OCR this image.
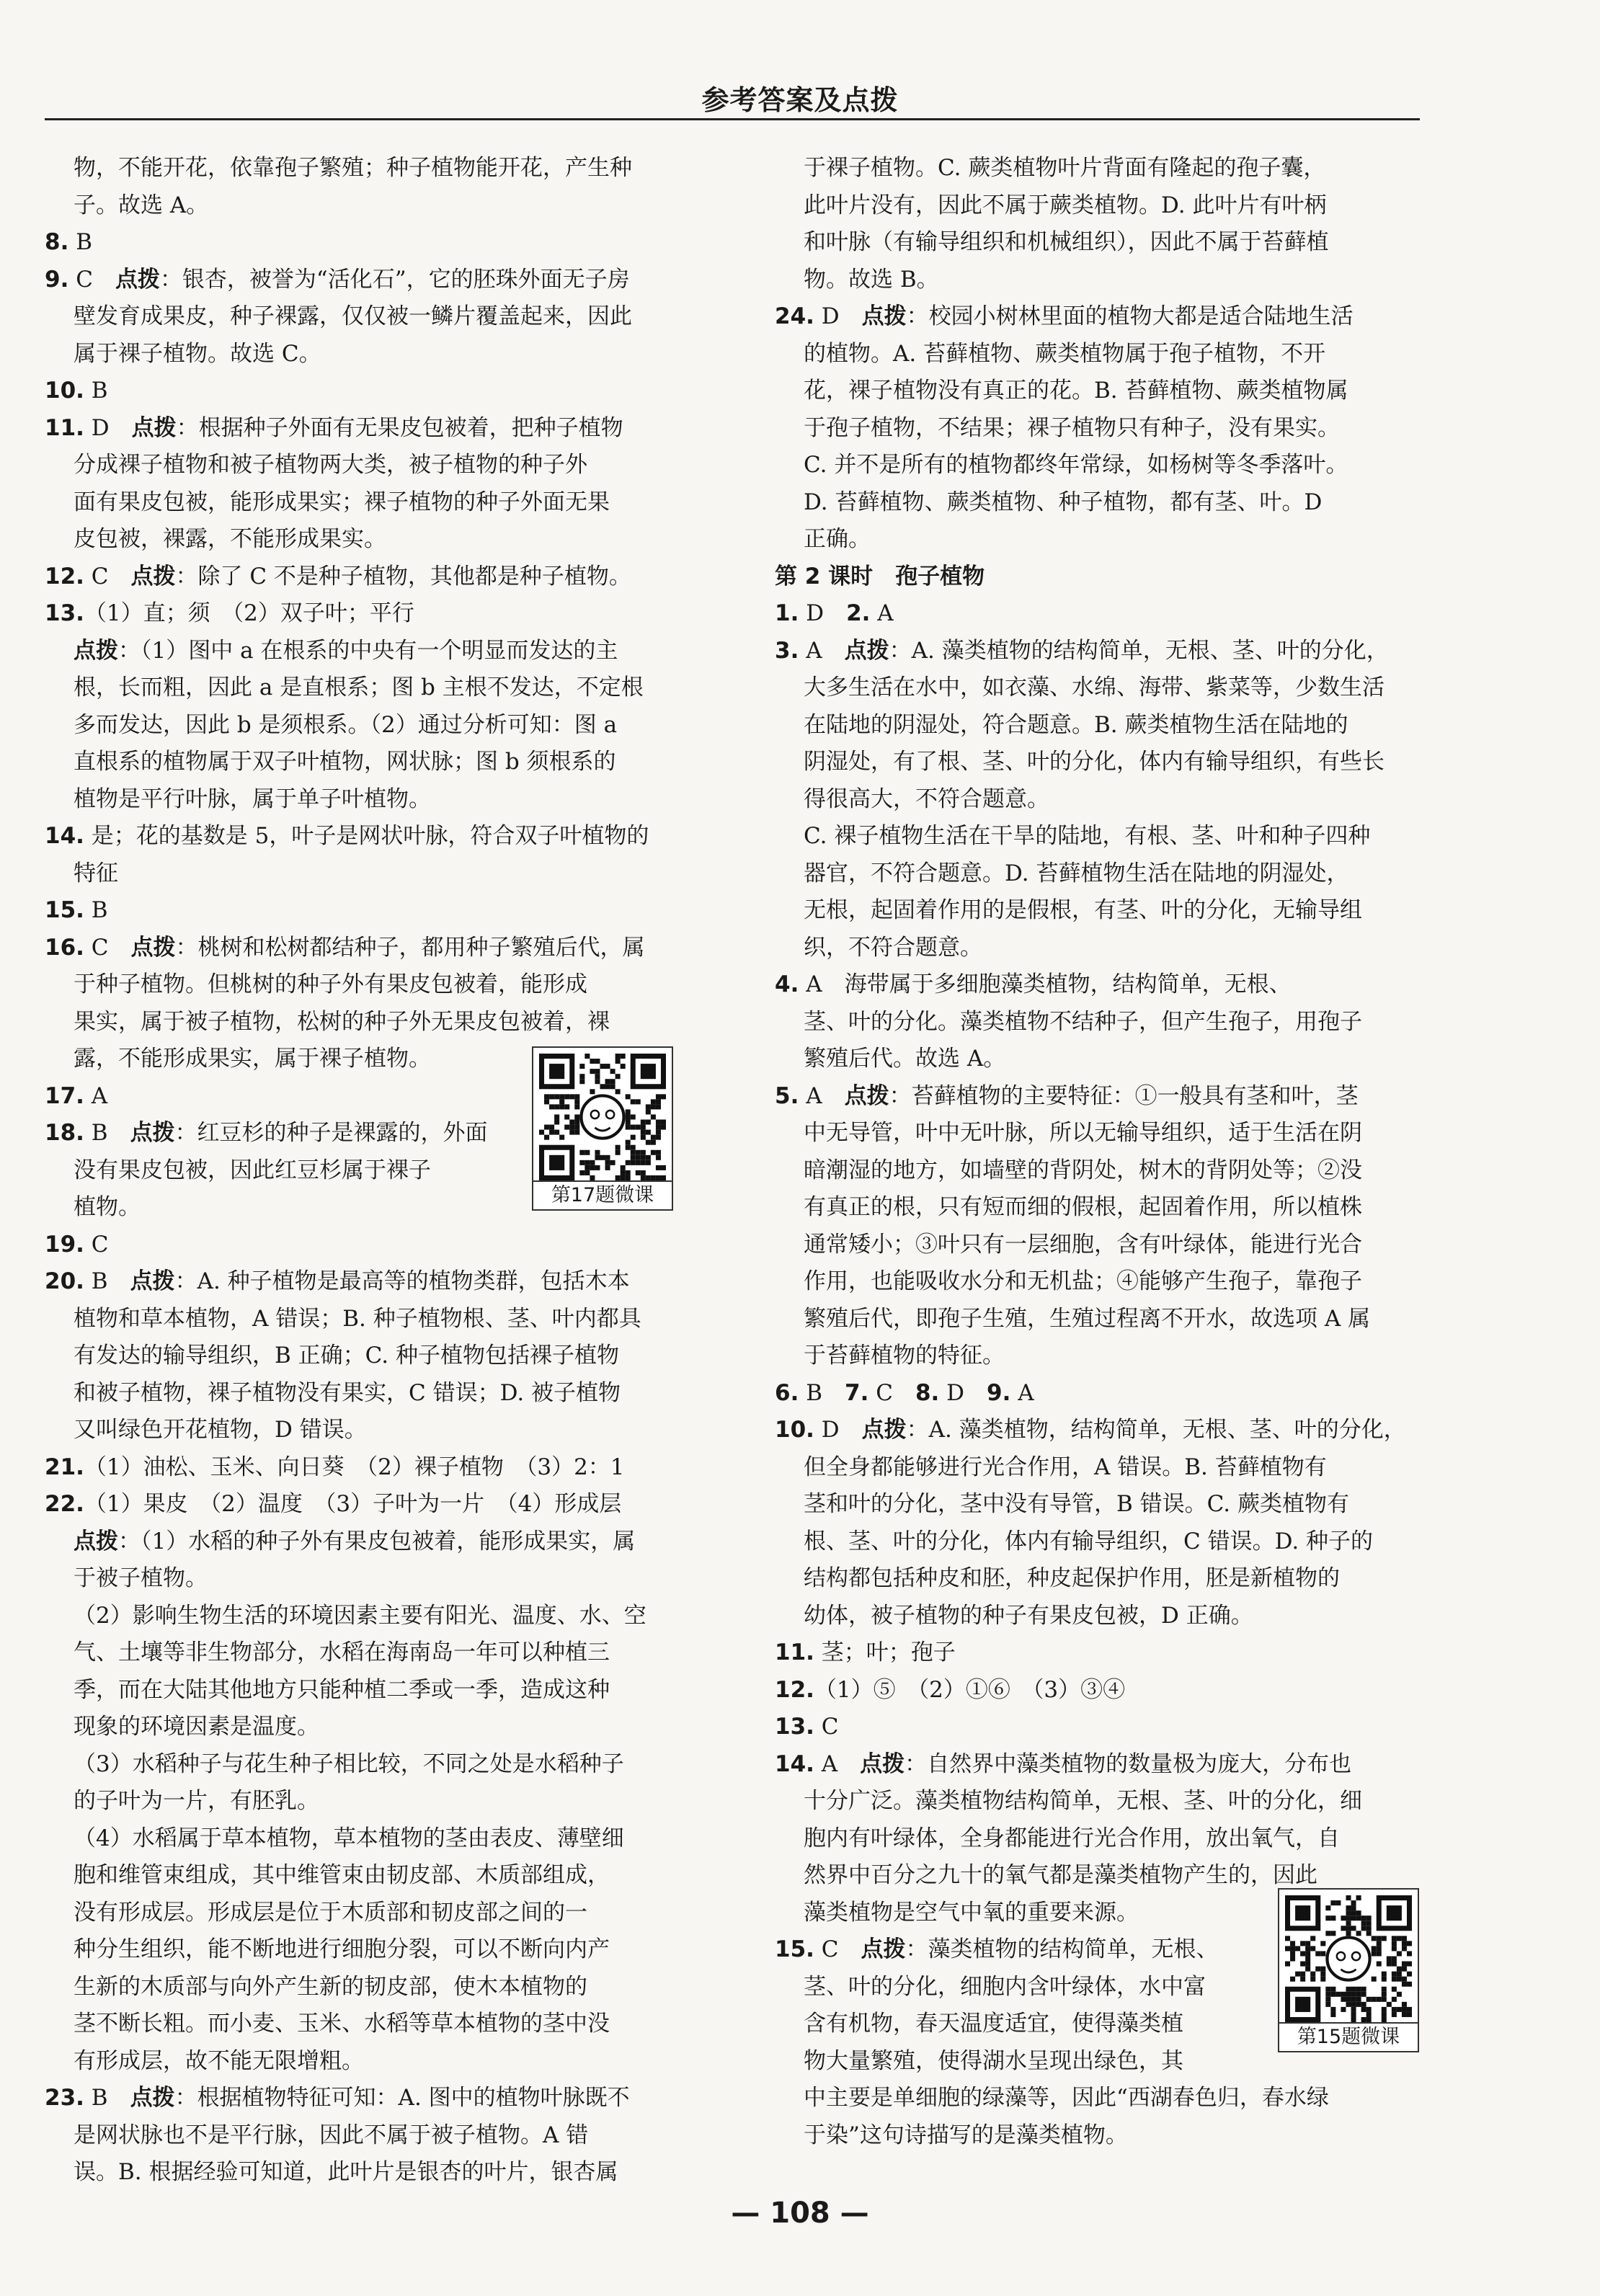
参考答案及点拨
物，不能开花，依靠孢子繁殖；种子植物能开花，产生种
子。故选 A。
8. B
9. C　点拨：银杏，被誉为“活化石”，它的胚珠外面无子房
壁发育成果皮，种子裸露，仅仅被一鳞片覆盖起来，因此
属于裸子植物。故选 C。
10. B
11. D　点拨：根据种子外面有无果皮包被着，把种子植物
分成裸子植物和被子植物两大类，被子植物的种子外
面有果皮包被，能形成果实；裸子植物的种子外面无果
皮包被，裸露，不能形成果实。
12. C　点拨：除了 C 不是种子植物，其他都是种子植物。
13.（1）直；须　（2）双子叶；平行
点拨：（1）图中 a 在根系的中央有一个明显而发达的主
根，长而粗，因此 a 是直根系；图 b 主根不发达，不定根
多而发达，因此 b 是须根系。（2）通过分析可知：图 a
直根系的植物属于双子叶植物，网状脉；图 b 须根系的
植物是平行叶脉，属于单子叶植物。
14. 是；花的基数是 5，叶子是网状叶脉，符合双子叶植物的
特征
15. B
16. C　点拨：桃树和松树都结种子，都用种子繁殖后代，属
于种子植物。但桃树的种子外有果皮包被着，能形成
果实，属于被子植物，松树的种子外无果皮包被着，裸
露，不能形成果实，属于裸子植物。
17. A
18. B　点拨：红豆杉的种子是裸露的，外面
没有果皮包被，因此红豆杉属于裸子
植物。
19. C
20. B　点拨：A. 种子植物是最高等的植物类群，包括木本
植物和草本植物，A 错误；B. 种子植物根、茎、叶内都具
有发达的输导组织，B 正确；C. 种子植物包括裸子植物
和被子植物，裸子植物没有果实，C 错误；D. 被子植物
又叫绿色开花植物，D 错误。
21.（1）油松、玉米、向日葵　（2）裸子植物　（3）2：1
22.（1）果皮　（2）温度　（3）子叶为一片　（4）形成层
点拨：（1）水稻的种子外有果皮包被着，能形成果实，属
于被子植物。
（2）影响生物生活的环境因素主要有阳光、温度、水、空
气、土壤等非生物部分，水稻在海南岛一年可以种植三
季，而在大陆其他地方只能种植二季或一季，造成这种
现象的环境因素是温度。
（3）水稻种子与花生种子相比较，不同之处是水稻种子
的子叶为一片，有胚乳。
（4）水稻属于草本植物，草本植物的茎由表皮、薄壁细
胞和维管束组成，其中维管束由韧皮部、木质部组成，
没有形成层。形成层是位于木质部和韧皮部之间的一
种分生组织，能不断地进行细胞分裂，可以不断向内产
生新的木质部与向外产生新的韧皮部，使木本植物的
茎不断长粗。而小麦、玉米、水稻等草本植物的茎中没
有形成层，故不能无限增粗。
23. B　点拨：根据植物特征可知：A. 图中的植物叶脉既不
是网状脉也不是平行脉，因此不属于被子植物。A 错
误。B. 根据经验可知道，此叶片是银杏的叶片，银杏属
于裸子植物。C. 蕨类植物叶片背面有隆起的孢子囊，
此叶片没有，因此不属于蕨类植物。D. 此叶片有叶柄
和叶脉（有输导组织和机械组织），因此不属于苔藓植
物。故选 B。
24. D　点拨：校园小树林里面的植物大都是适合陆地生活
的植物。A. 苔藓植物、蕨类植物属于孢子植物，不开
花，裸子植物没有真正的花。B. 苔藓植物、蕨类植物属
于孢子植物，不结果；裸子植物只有种子，没有果实。
C. 并不是所有的植物都终年常绿，如杨树等冬季落叶。
D. 苔藓植物、蕨类植物、种子植物，都有茎、叶。D
正确。
第 2 课时　孢子植物
1. D　2. A
3. A　点拨：A. 藻类植物的结构简单，无根、茎、叶的分化，
大多生活在水中，如衣藻、水绵、海带、紫菜等，少数生活
在陆地的阴湿处，符合题意。B. 蕨类植物生活在陆地的
阴湿处，有了根、茎、叶的分化，体内有输导组织，有些长
得很高大，不符合题意。
C. 裸子植物生活在干旱的陆地，有根、茎、叶和种子四种
器官，不符合题意。D. 苔藓植物生活在陆地的阴湿处，
无根，起固着作用的是假根，有茎、叶的分化，无输导组
织，不符合题意。
4. A　海带属于多细胞藻类植物，结构简单，无根、
茎、叶的分化。藻类植物不结种子，但产生孢子，用孢子
繁殖后代。故选 A。
5. A　点拨：苔藓植物的主要特征：①一般具有茎和叶，茎
中无导管，叶中无叶脉，所以无输导组织，适于生活在阴
暗潮湿的地方，如墙壁的背阴处，树木的背阴处等；②没
有真正的根，只有短而细的假根，起固着作用，所以植株
通常矮小；③叶只有一层细胞，含有叶绿体，能进行光合
作用，也能吸收水分和无机盐；④能够产生孢子，靠孢子
繁殖后代，即孢子生殖，生殖过程离不开水，故选项 A 属
于苔藓植物的特征。
6. B　7. C　8. D　9. A
10. D　点拨：A. 藻类植物，结构简单，无根、茎、叶的分化，
但全身都能够进行光合作用，A 错误。B. 苔藓植物有
茎和叶的分化，茎中没有导管，B 错误。C. 蕨类植物有
根、茎、叶的分化，体内有输导组织，C 错误。D. 种子的
结构都包括种皮和胚，种皮起保护作用，胚是新植物的
幼体，被子植物的种子有果皮包被，D 正确。
11. 茎；叶；孢子
12.（1）⑤　（2）①⑥　（3）③④
13. C
14. A　点拨：自然界中藻类植物的数量极为庞大，分布也
十分广泛。藻类植物结构简单，无根、茎、叶的分化，细
胞内有叶绿体，全身都能进行光合作用，放出氧气，自
然界中百分之九十的氧气都是藻类植物产生的，因此
藻类植物是空气中氧的重要来源。
15. C　点拨：藻类植物的结构简单，无根、
茎、叶的分化，细胞内含叶绿体，水中富
含有机物，春天温度适宜，使得藻类植
物大量繁殖，使得湖水呈现出绿色，其
中主要是单细胞的绿藻等，因此“西湖春色归，春水绿
于染”这句诗描写的是藻类植物。
第17题微课
第15题微课
— 108 —
